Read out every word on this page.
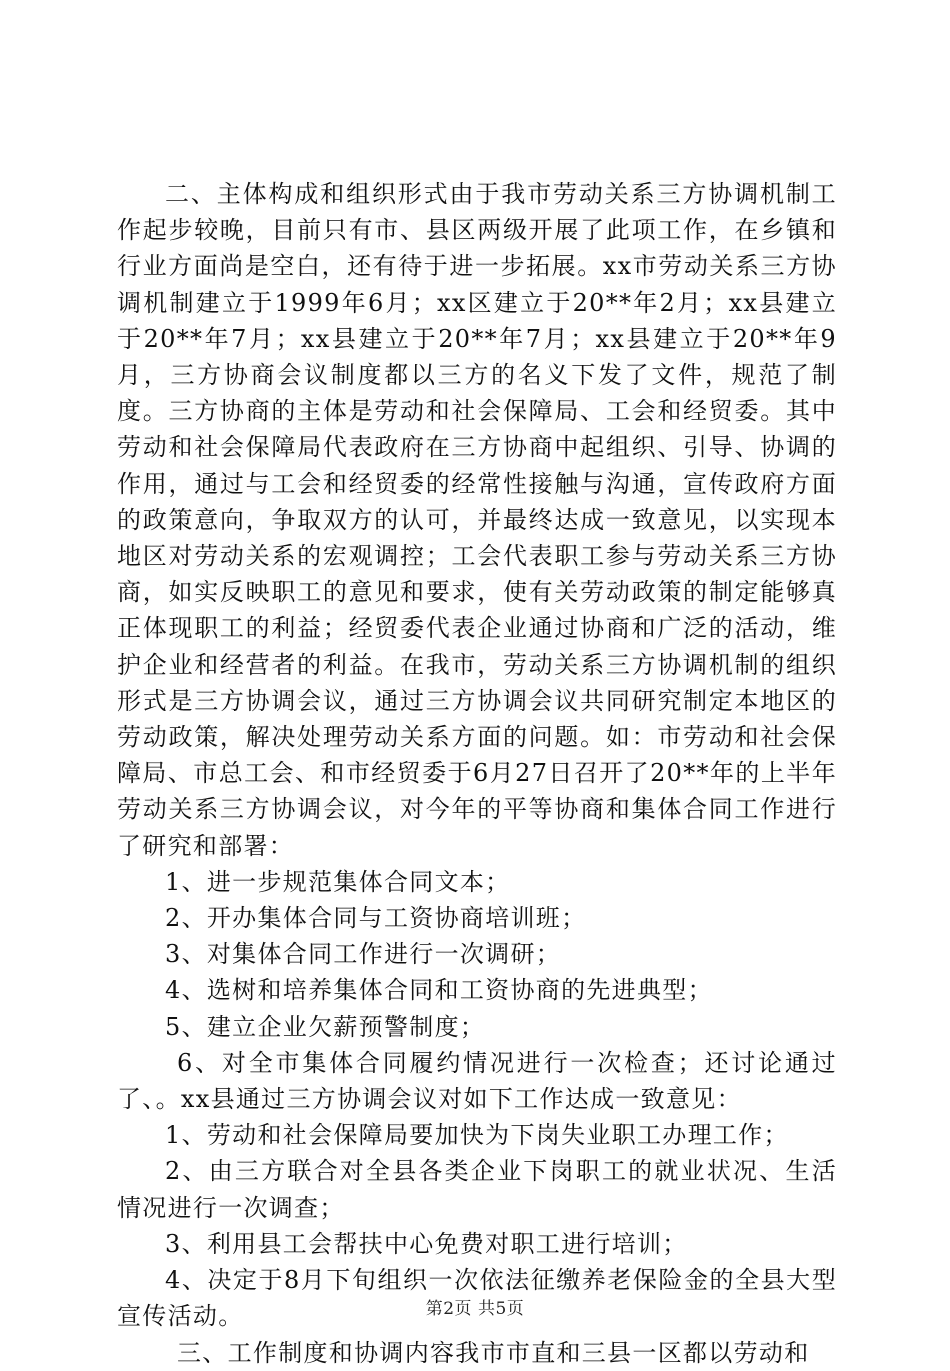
二、主体构成和组织形式由于我市劳动关系三方协调机制工作起步较晚，目前只有市、县区两级开展了此项工作，在乡镇和行业方面尚是空白，还有待于进一步拓展。xx市劳动关系三方协调机制建立于1999年6月；xx区建立于20**年2月；xx县建立于20**年7月；xx县建立于20**年7月；xx县建立于20**年9月，三方协商会议制度都以三方的名义下发了文件，规范了制度。三方协商的主体是劳动和社会保障局、工会和经贸委。其中劳动和社会保障局代表政府在三方协商中起组织、引导、协调的作用，通过与工会和经贸委的经常性接触与沟通，宣传政府方面的政策意向，争取双方的认可，并最终达成一致意见，以实现本地区对劳动关系的宏观调控；工会代表职工参与劳动关系三方协商，如实反映职工的意见和要求，使有关劳动政策的制定能够真正体现职工的利益；经贸委代表企业通过协商和广泛的活动，维护企业和经营者的利益。在我市，劳动关系三方协调机制的组织形式是三方协调会议，通过三方协调会议共同研究制定本地区的劳动政策，解决处理劳动关系方面的问题。如：市劳动和社会保障局、市总工会、和市经贸委于6月27日召开了20**年的上半年劳动关系三方协调会议，对今年的平等协商和集体合同工作进行了研究和部署：

1、进一步规范集体合同文本；

2、开办集体合同与工资协商培训班；

3、对集体合同工作进行一次调研；

4、选树和培养集体合同和工资协商的先进典型；

5、建立企业欠薪预警制度；

6、对全市集体合同履约情况进行一次检查；还讨论通过了、。xx县通过三方协调会议对如下工作达成一致意见：

1、劳动和社会保障局要加快为下岗失业职工办理工作；

2、由三方联合对全县各类企业下岗职工的就业状况、生活情况进行一次调查；

3、利用县工会帮扶中心免费对职工进行培训；

4、决定于8月下旬组织一次依法征缴养老保险金的全县大型宣传活动。

三、工作制度和协调内容我市市直和三县一区都以劳动和

第2页 共5页
